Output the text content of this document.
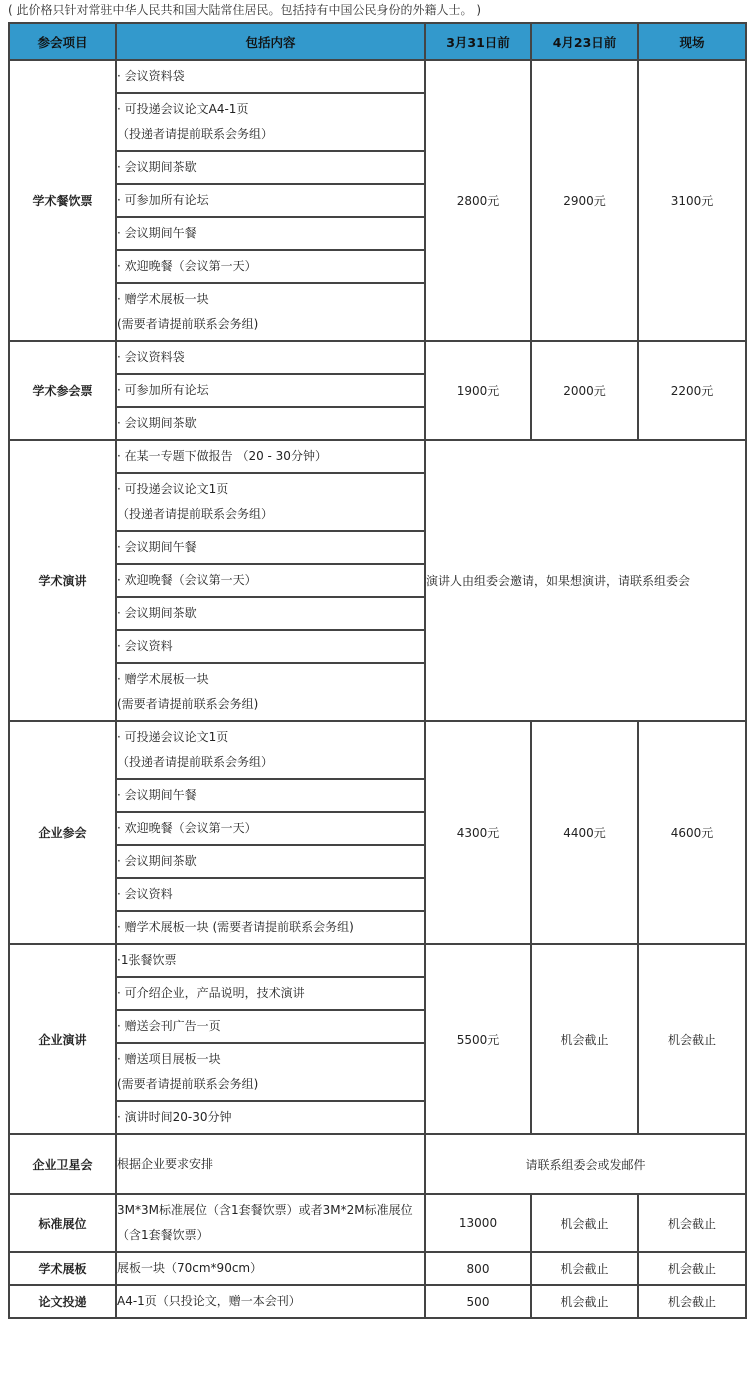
( 此价格只针对常驻中华人民共和国大陆常住居民。包括持有中国公民身份的外籍人士。 )
参会项目	包括内容	3月31日前	4月23日前	现场
学术餐饮票	· 会议资料袋	2800元	2900元	3100元

	· 可投递会议论文A4-1页
（投递者请提前联系会务组）			

	· 会议期间茶歇			

	· 可参加所有论坛			

	· 会议期间午餐			

	· 欢迎晚餐（会议第一天）			

	· 赠学术展板一块
(需要者请提前联系会务组)			

学术参会票	· 会议资料袋	1900元	2000元	2200元

	· 可参加所有论坛			

	· 会议期间茶歇			

学术演讲	· 在某一专题下做报告 （20 - 30分钟）	演讲人由组委会邀请，如果想演讲，请联系组委会		

	· 可投递会议论文1页
（投递者请提前联系会务组）			

	· 会议期间午餐			

	· 欢迎晚餐（会议第一天）			

	· 会议期间茶歇			

	· 会议资料			

	· 赠学术展板一块
(需要者请提前联系会务组)			

企业参会	· 可投递会议论文1页
（投递者请提前联系会务组）	4300元	4400元	4600元

	· 会议期间午餐			

	· 欢迎晚餐（会议第一天）			

	· 会议期间茶歇			

	· 会议资料			

	· 赠学术展板一块 (需要者请提前联系会务组)			

企业演讲	·1张餐饮票	5500元	机会截止	机会截止

	· 可介绍企业，产品说明，技术演讲			

	· 赠送会刊广告一页			

	· 赠送项目展板一块
(需要者请提前联系会务组)			

	· 演讲时间20-30分钟			

企业卫星会	根据企业要求安排	请联系组委会或发邮件		
标准展位	3M*3M标准展位（含1套餐饮票）或者3M*2M标准展位
（含1套餐饮票）	13000	机会截止	机会截止
学术展板	展板一块（70cm*90cm）	800	机会截止	机会截止
论文投递	A4-1页（只投论文，赠一本会刊）	500	机会截止	机会截止
